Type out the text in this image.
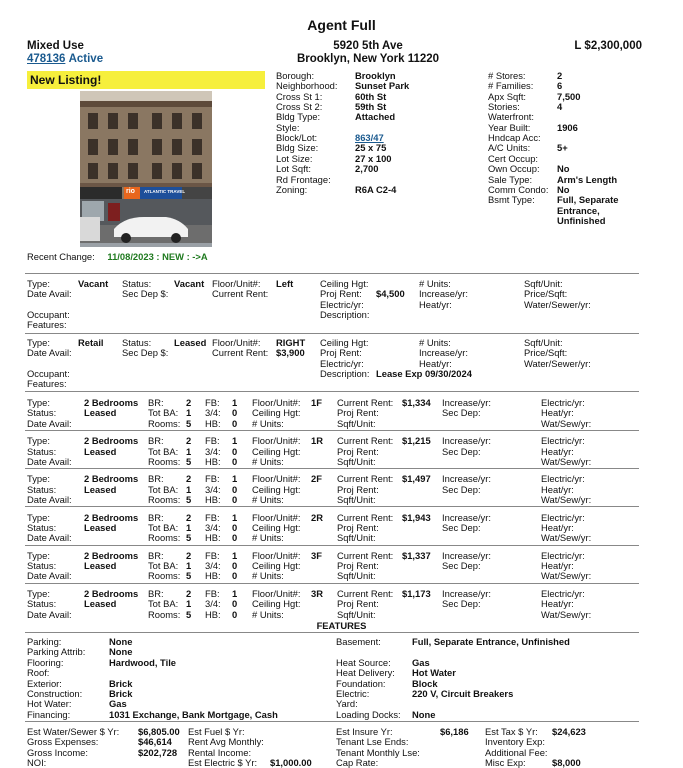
Agent Full
Mixed Use
478136 Active
5920 5th Ave
Brooklyn, New York 11220
L $2,300,000
New Listing!
rio ATLANTIC TRAVEL
Borough:	Brooklyn
Neighborhood: Sunset Park
Cross St 1:	60th St
Cross St 2:	59th St
Bldg Type:	Attached
Style:
Block/Lot:	863/47
Bldg Size:	25 x 75
Lot Size:	27 x 100
Lot Sqft:	2,700
Rd Frontage:
Zoning:	R6A C2-4
# Stores:	2
# Families:	6
Apx Sqft:	7,500
Stories:	4
Waterfront:
Year Built:	1906
Hndcap Acc:
A/C Units:	5+
Cert Occup:
Own Occup: No
Sale Type:	Arm's Length
Comm Condo: No
Bsmt Type: Full, Separate
Entrance,
Unfinished
Recent Change: 11/08/2023 : NEW : ->A
Type:	Vacant Status: Vacant Floor/Unit#: Left	Ceiling Hgt:	# Units:	Sqft/Unit:
Date Avail:	Sec Dep $:	Current Rent:	Proj Rent: $4,500 Increase/yr:	Price/Sqft:
Electric/yr:	Heat/yr:	Water/Sewer/yr:
Occupant:	Description:
Features:
Type:	Retail Status: Leased Floor/Unit#: RIGHT Ceiling Hgt:	# Units:	Sqft/Unit:
Date Avail:	Sec Dep $:	Current Rent: $3,900 Proj Rent:	Increase/yr:	Price/Sqft:
Electric/yr:	Heat/yr:	Water/Sewer/yr:
Occupant:	Description: Lease Exp 09/30/2024
Features:
Type:	2 Bedrooms BR: 2 FB: 1 Floor/Unit#: 1F Current Rent: $1,334 Increase/yr:	Electric/yr:
Status:	Leased	Tot BA: 1 3/4: 0 Ceiling Hgt:	Proj Rent:	Sec Dep:	Heat/yr:
Date Avail:	Rooms: 5 HB: 0 # Units:	Sqft/Unit:	Wat/Sew/yr:
Type:	2 Bedrooms BR: 2 FB: 1 Floor/Unit#: 1R Current Rent: $1,215 Increase/yr:	Electric/yr:
Status:	Leased	Tot BA: 1 3/4: 0 Ceiling Hgt:	Proj Rent:	Sec Dep:	Heat/yr:
Date Avail:	Rooms: 5 HB: 0 # Units:	Sqft/Unit:	Wat/Sew/yr:
Type:	2 Bedrooms BR: 2 FB: 1 Floor/Unit#: 2F Current Rent: $1,497 Increase/yr:	Electric/yr:
Status:	Leased	Tot BA: 1 3/4: 0 Ceiling Hgt:	Proj Rent:	Sec Dep:	Heat/yr:
Date Avail:	Rooms: 5 HB: 0 # Units:	Sqft/Unit:	Wat/Sew/yr:
Type:	2 Bedrooms BR: 2 FB: 1 Floor/Unit#: 2R Current Rent: $1,943 Increase/yr:	Electric/yr:
Status:	Leased	Tot BA: 1 3/4: 0 Ceiling Hgt:	Proj Rent:	Sec Dep:	Heat/yr:
Date Avail:	Rooms: 5 HB: 0 # Units:	Sqft/Unit:	Wat/Sew/yr:
Type:	2 Bedrooms BR: 2 FB: 1 Floor/Unit#: 3F Current Rent: $1,337 Increase/yr:	Electric/yr:
Status:	Leased	Tot BA: 1 3/4: 0 Ceiling Hgt:	Proj Rent:	Sec Dep:	Heat/yr:
Date Avail:	Rooms: 5 HB: 0 # Units:	Sqft/Unit:	Wat/Sew/yr:
Type:	2 Bedrooms BR: 2 FB: 1 Floor/Unit#: 3R Current Rent: $1,173 Increase/yr:	Electric/yr:
Status:	Leased	Tot BA: 1 3/4: 0 Ceiling Hgt:	Proj Rent:	Sec Dep:	Heat/yr:
Date Avail:	Rooms: 5 HB: 0 # Units:	Sqft/Unit:	Wat/Sew/yr:
FEATURES
Parking:	None
Parking Attrib:	None
Flooring:	Hardwood, Tile
Roof:
Exterior:	Brick
Construction:	Brick
Hot Water:	Gas
Financing:	1031 Exchange, Bank Mortgage, Cash
Basement:	Full, Separate Entrance, Unfinished
Heat Source: Gas
Heat Delivery: Hot Water
Foundation:	Block
Electric:	220 V, Circuit Breakers
Yard:
Loading Docks: None
Est Water/Sewer $ Yr: $6,805.00 Est Fuel $ Yr:	Est Insure Yr:	$6,186 Est Tax $ Yr: $24,623
Gross Expenses:	$46,614 Rent Avg Monthly:	Tenant Lse Ends:	Inventory Exp:
Gross Income:	$202,728 Rental Income:	Tenant Monthly Lse:	Additional Fee:
NOI:	Est Electric $ Yr: $1,000.00	Cap Rate:	Misc Exp:	$8,000
